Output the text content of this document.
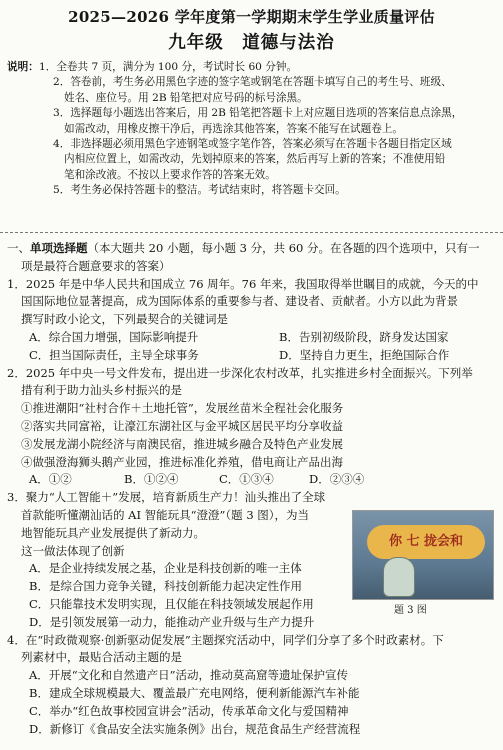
2025—2026 学年度第一学期期末学生学业质量评估
九年级　道德与法治
说明： 1．全卷共 7 页，满分为 100 分，考试时长 60 分钟。
2．答卷前，考生务必用黑色字迹的签字笔或钢笔在答题卡填写自己的考生号、班级、
姓名、座位号。用 2B 铅笔把对应号码的标号涂黑。
3．选择题每小题选出答案后，用 2B 铅笔把答题卡上对应题目选项的答案信息点涂黑，
如需改动，用橡皮擦干净后，再选涂其他答案，答案不能写在试题卷上。
4．非选择题必须用黑色字迹钢笔或签字笔作答，答案必须写在答题卡各题目指定区域
内相应位置上，如需改动，先划掉原来的答案，然后再写上新的答案；不准使用铅
笔和涂改液。不按以上要求作答的答案无效。
5．考生务必保持答题卡的整洁。考试结束时，将答题卡交回。

一、单项选择题（本大题共 20 小题，每小题 3 分，共 60 分。在各题的四个选项中，只有一

项是最符合题意要求的答案）

1．2025 年是中华人民共和国成立 76 周年。76 年来，我国取得举世瞩目的成就，今天的中

国国际地位显著提高，成为国际体系的重要参与者、建设者、贡献者。小方以此为背景

撰写时政小论文，下列最契合的关键词是

A．综合国力增强，国际影响提升	B．告别初级阶段，跻身发达国家
C．担当国际责任，主导全球事务	D．坚持自力更生，拒绝国际合作

2．2025 年中央一号文件发布，提出进一步深化农村改革，扎实推进乡村全面振兴。下列举

措有利于助力汕头乡村振兴的是

①推进潮阳“社村合作＋土地托管”，发展丝苗米全程社会化服务

②落实共同富裕，让濠江东湖社区与金平城区居民平均分享收益

③发展龙湖小院经济与南澳民宿，推进城乡融合及特色产业发展

④做强澄海狮头鹅产业园，推进标准化养殖，借电商让产品出海

A．①②	B．①②④	C．①③④	D．②③④

3．聚力“人工智能＋”发展，培育新质生产力！汕头推出了全球

首款能听懂潮汕话的 AI 智能玩具“澄澄”（题 3 图），为当

地智能玩具产业发展提供了新动力。

这一做法体现了创新

A．是企业持续发展之基，企业是科技创新的唯一主体

B．是综合国力竞争关键，科技创新能力起决定性作用

C．只能靠技术发明实现，且仅能在科技领域发展起作用

D．是引领发展第一动力，能推动产业升级与生产力提升

4．在“时政微观察·创新驱动促发展”主题探究活动中，同学们分享了多个时政素材。下

列素材中，最贴合活动主题的是

A．开展“文化和自然遗产日”活动，推动莫高窟等遗址保护宣传

B．建成全球规模最大、覆盖最广充电网络，便利新能源汽车补能

C．举办“红色故事校园宣讲会”活动，传承革命文化与爱国精神

D．新修订《食品安全法实施条例》出台，规范食品生产经营流程

你 七 拢会和
题 3 图
